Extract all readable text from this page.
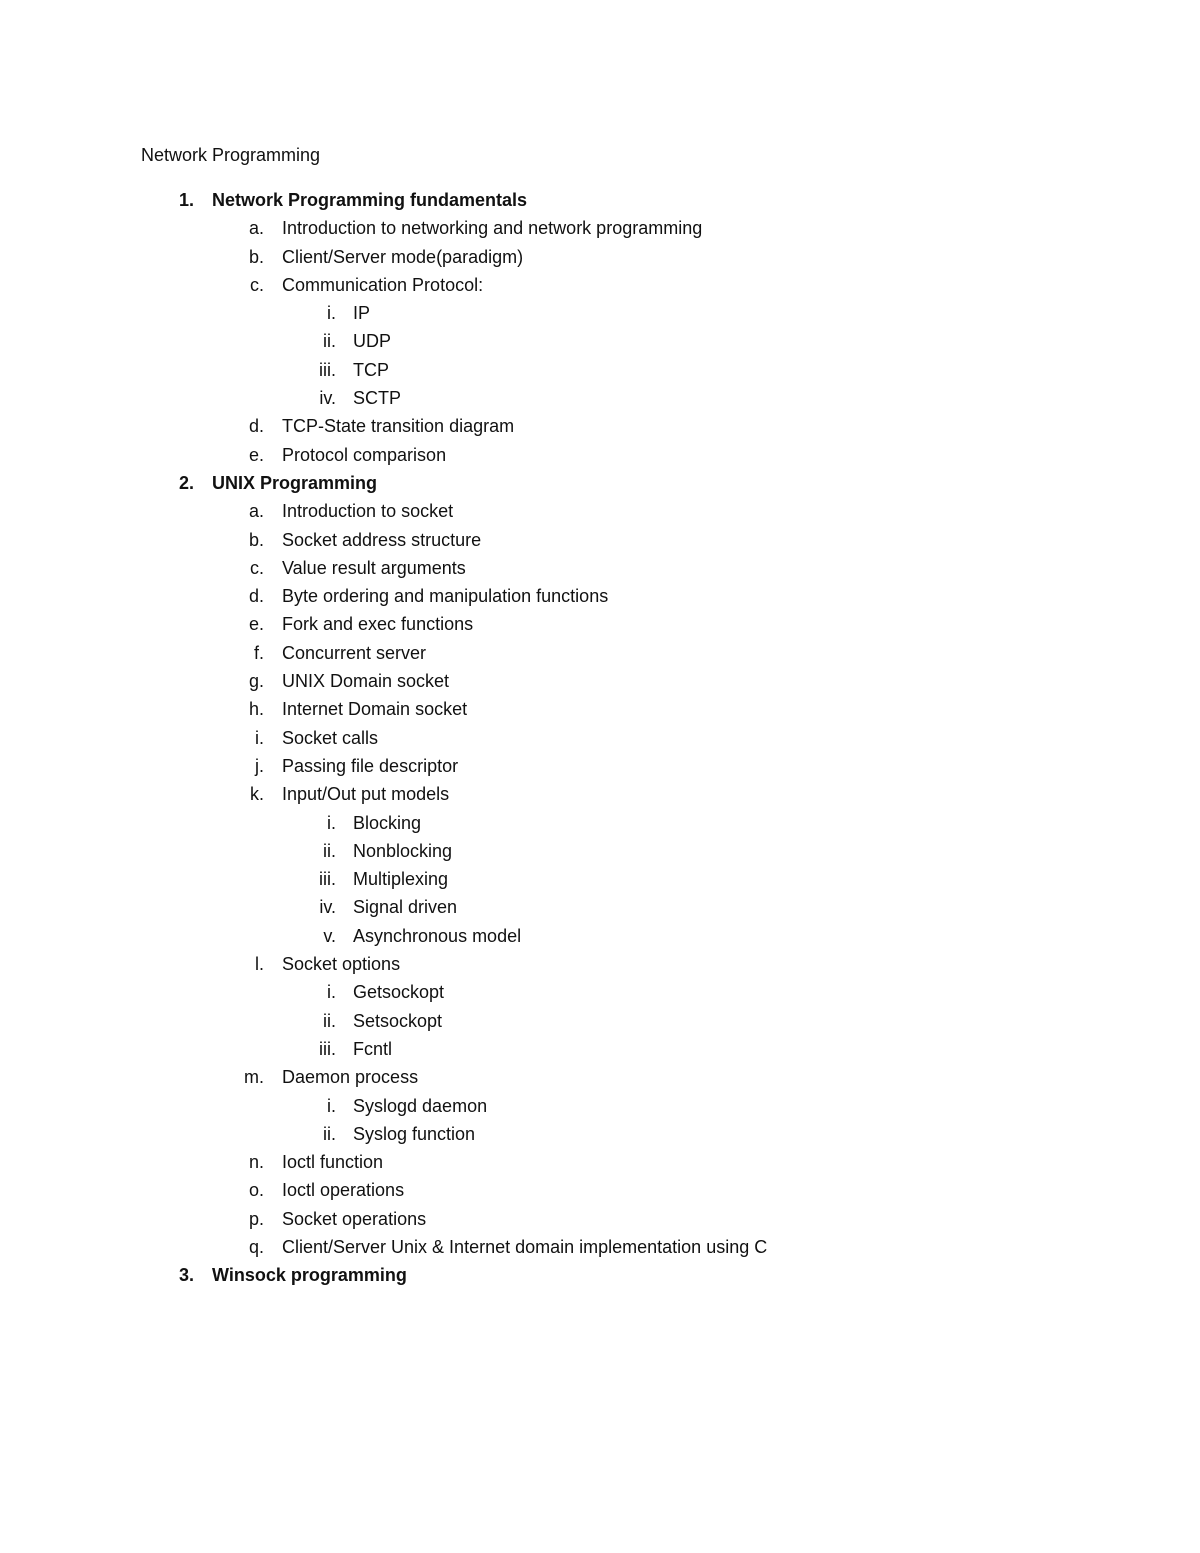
Network Programming
1. Network Programming fundamentals
a. Introduction to networking and network programming
b. Client/Server mode(paradigm)
c. Communication Protocol:
i. IP
ii. UDP
iii. TCP
iv. SCTP
d. TCP-State transition diagram
e. Protocol comparison
2. UNIX Programming
a. Introduction to socket
b. Socket address structure
c. Value result arguments
d. Byte ordering and manipulation functions
e. Fork and exec functions
f. Concurrent server
g. UNIX Domain socket
h. Internet Domain socket
i. Socket calls
j. Passing file descriptor
k. Input/Out put models
i. Blocking
ii. Nonblocking
iii. Multiplexing
iv. Signal driven
v. Asynchronous model
l. Socket options
i. Getsockopt
ii. Setsockopt
iii. Fcntl
m. Daemon process
i. Syslogd daemon
ii. Syslog function
n. Ioctl function
o. Ioctl operations
p. Socket operations
q. Client/Server Unix & Internet domain implementation using C
3. Winsock programming
